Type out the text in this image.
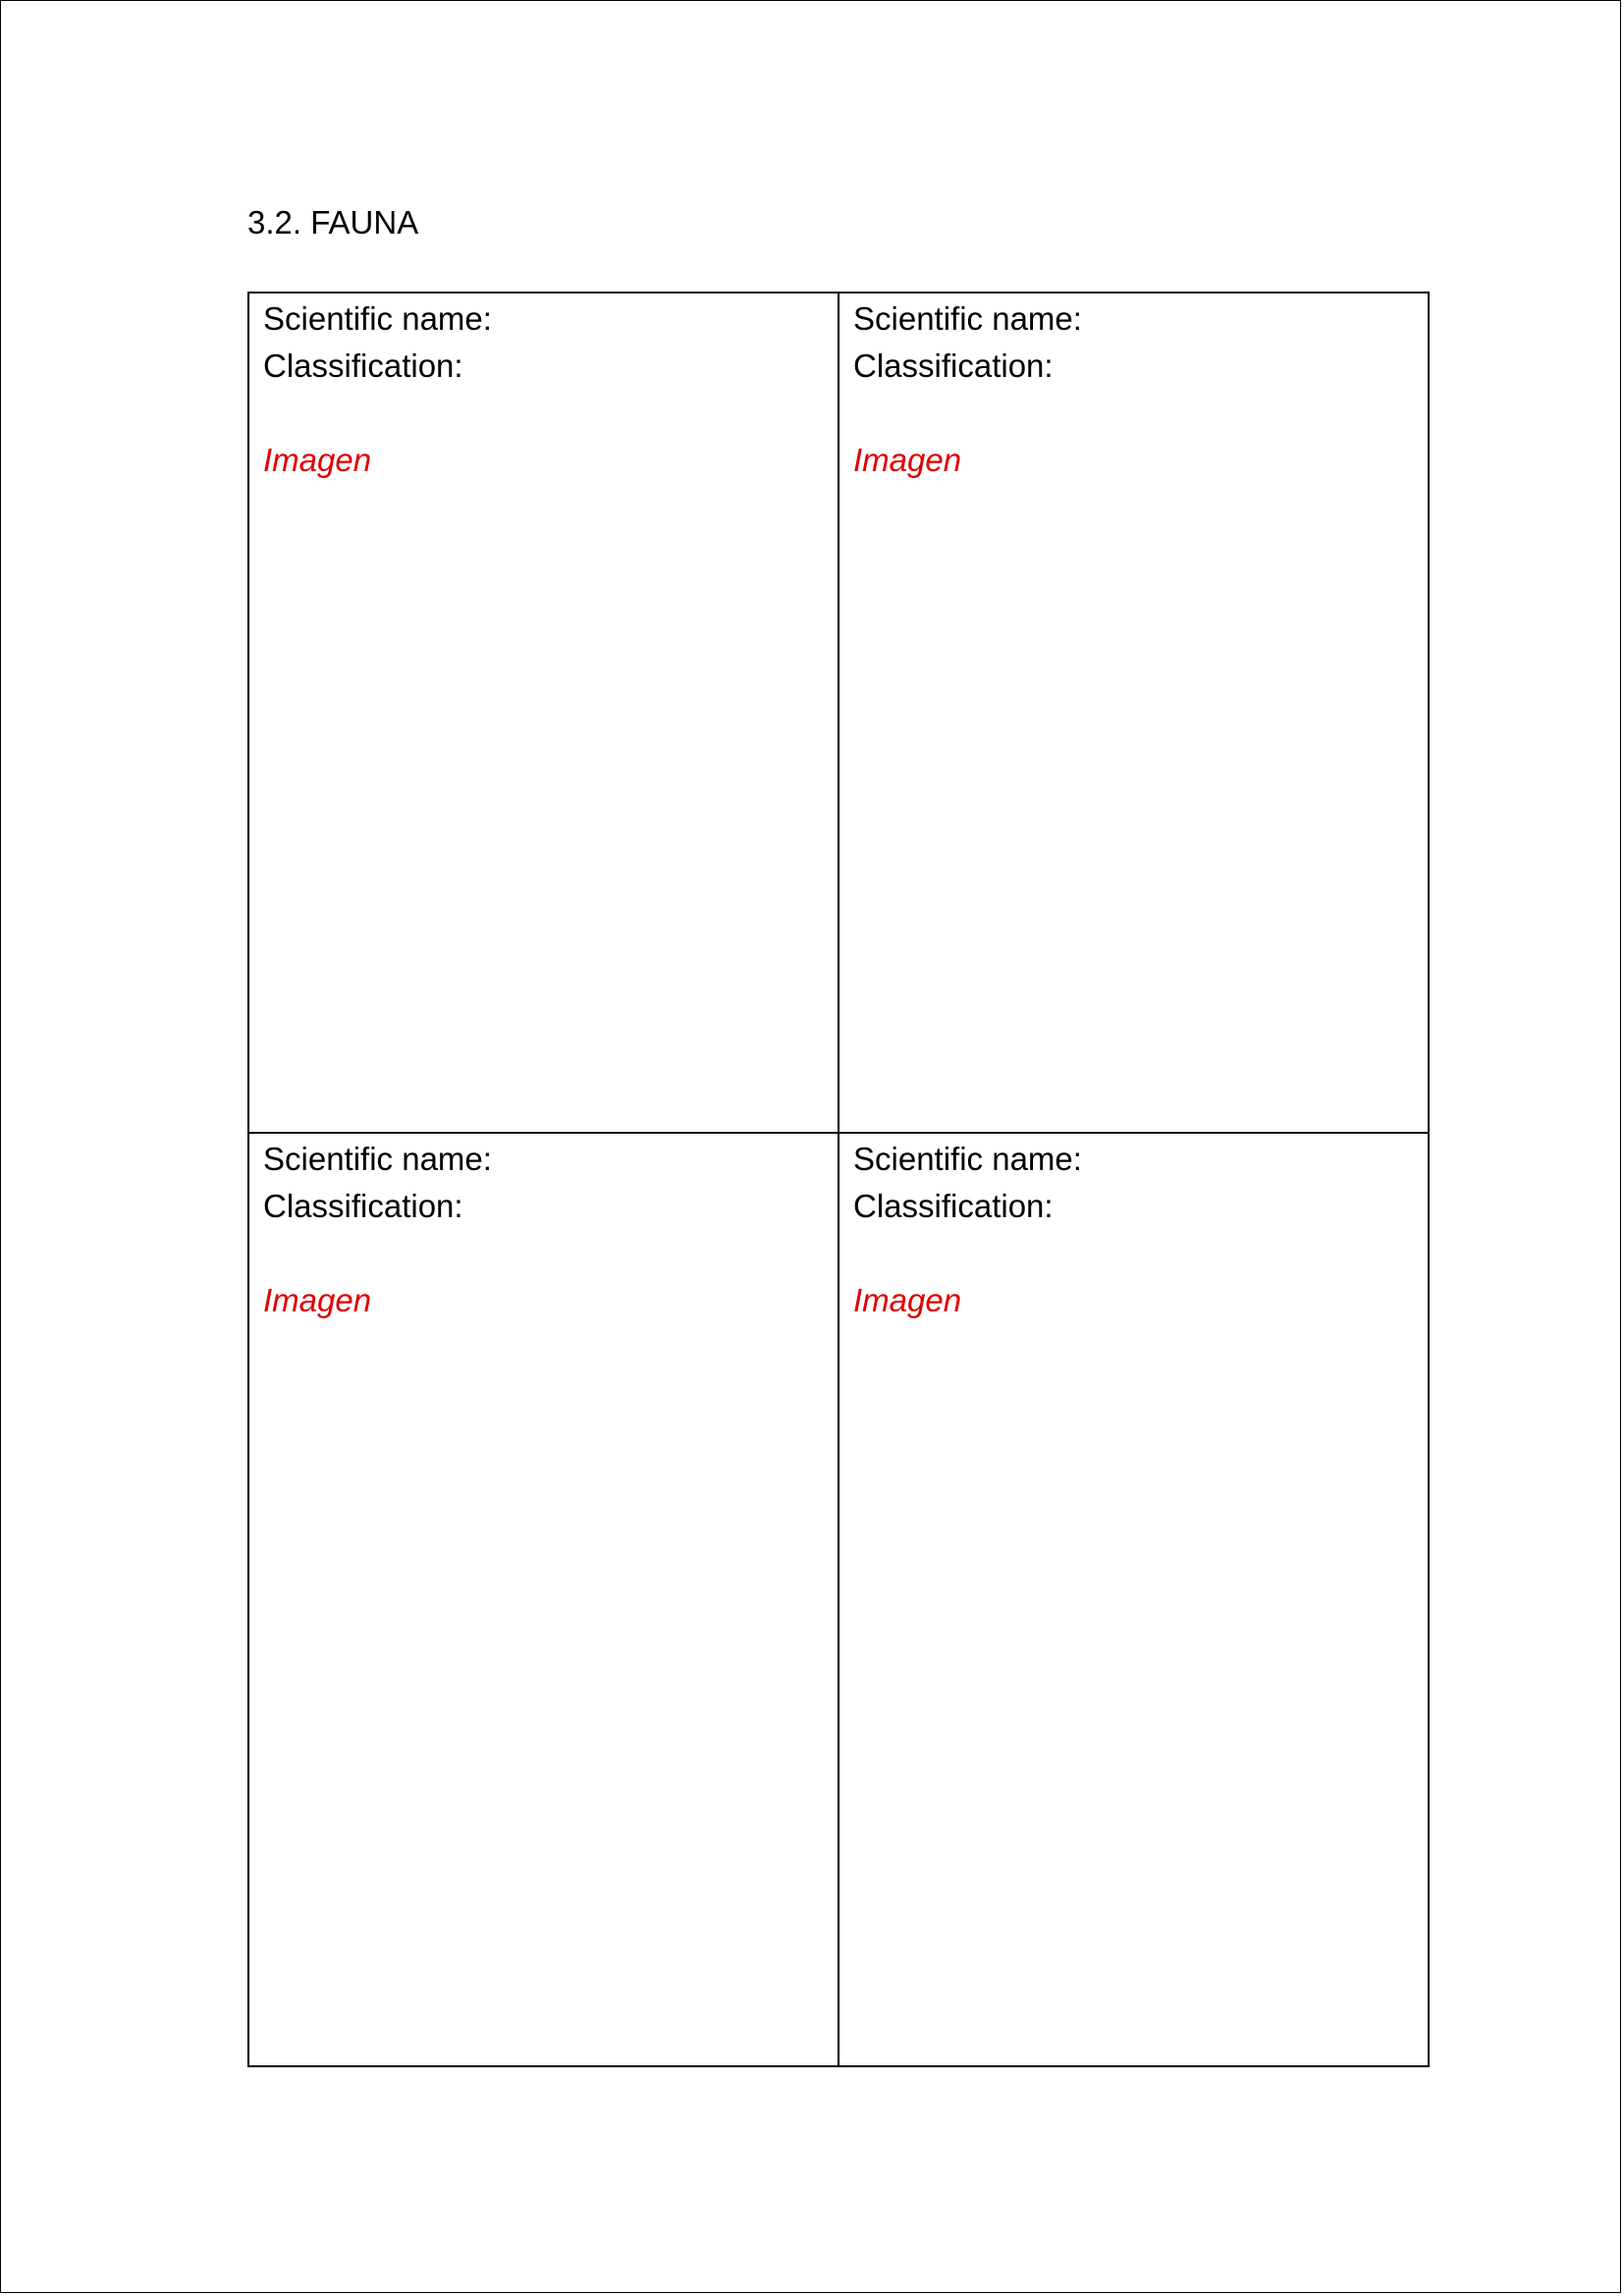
3.2. FAUNA
Scientific name:
Classification:
Imagen
Scientific name:
Classification:
Imagen
Scientific name:
Classification:
Imagen
Scientific name:
Classification:
Imagen
